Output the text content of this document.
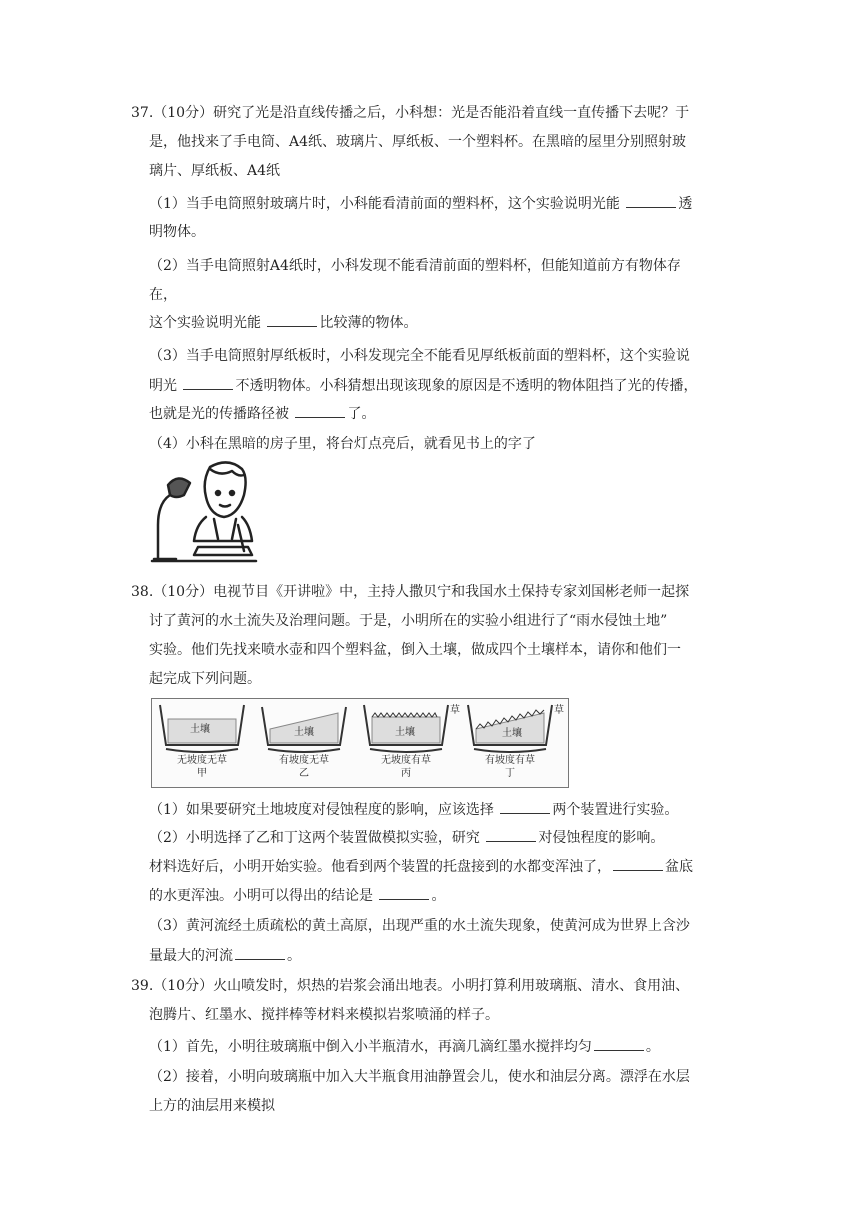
37.（10分）研究了光是沿直线传播之后，小科想：光是否能沿着直线一直传播下去呢？于
是，他找来了手电筒、A4纸、玻璃片、厚纸板、一个塑料杯。在黑暗的屋里分别照射玻
璃片、厚纸板、A4纸
（1）当手电筒照射玻璃片时，小科能看清前面的塑料杯，这个实验说明光能	透
明物体。
（2）当手电筒照射A4纸时，小科发现不能看清前面的塑料杯，但能知道前方有物体存
在，
这个实验说明光能	比较薄的物体。
（3）当手电筒照射厚纸板时，小科发现完全不能看见厚纸板前面的塑料杯，这个实验说
明光	不透明物体。小科猜想出现该现象的原因是不透明的物体阻挡了光的传播，
也就是光的传播路径被	了。
（4）小科在黑暗的房子里，将台灯点亮后，就看见书上的字了
38.（10分）电视节目《开讲啦》中，主持人撒贝宁和我国水土保持专家刘国彬老师一起探
讨了黄河的水土流失及治理问题。于是，小明所在的实验小组进行了“雨水侵蚀土地”
实验。他们先找来喷水壶和四个塑料盆，倒入土壤，做成四个土壤样本，请你和他们一
起完成下列问题。
土壤	土壤	土壤	土壤
草	草
无坡度无草
甲
有坡度无草
乙
无坡度有草
丙
有坡度有草
丁
（1）如果要研究土地坡度对侵蚀程度的影响，应该选择	两个装置进行实验。
（2）小明选择了乙和丁这两个装置做模拟实验，研究	对侵蚀程度的影响。
材料选好后，小明开始实验。他看到两个装置的托盘接到的水都变浑浊了，	盆底
的水更浑浊。小明可以得出的结论是	。
（3）黄河流经土质疏松的黄土高原，出现严重的水土流失现象，使黄河成为世界上含沙
量最大的河流	。
39.（10分）火山喷发时，炽热的岩浆会涌出地表。小明打算利用玻璃瓶、清水、食用油、
泡腾片、红墨水、搅拌棒等材料来模拟岩浆喷涌的样子。
（1）首先，小明往玻璃瓶中倒入小半瓶清水，再滴几滴红墨水搅拌均匀	。
（2）接着，小明向玻璃瓶中加入大半瓶食用油静置会儿，使水和油层分离。漂浮在水层
上方的油层用来模拟
